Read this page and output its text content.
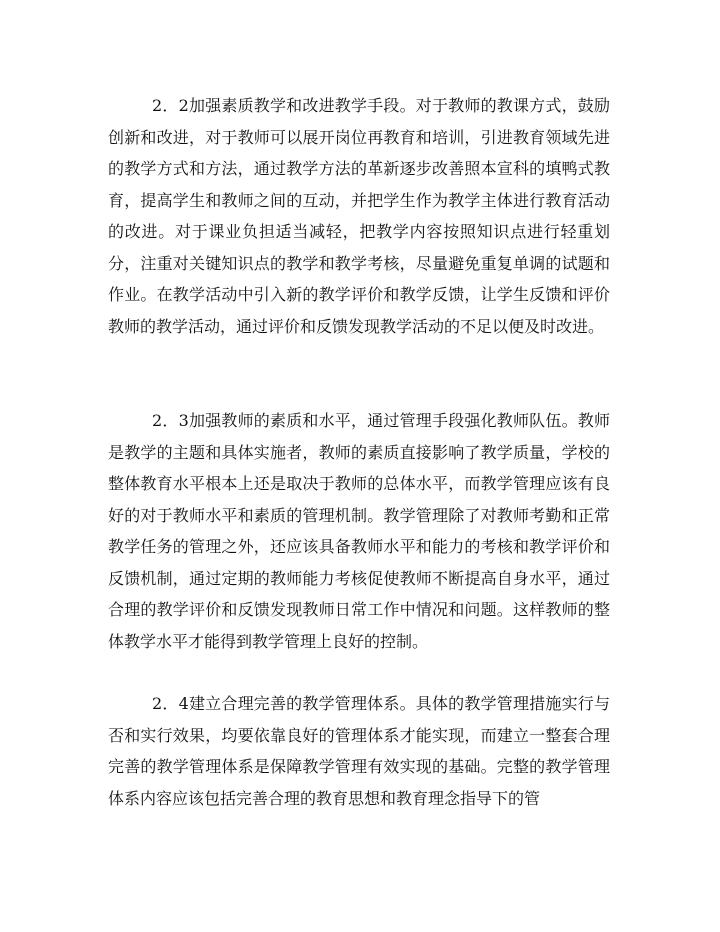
2．2加强素质教学和改进教学手段。对于教师的教课方式，鼓励创新和改进，对于教师可以展开岗位再教育和培训，引进教育领域先进的教学方式和方法，通过教学方法的革新逐步改善照本宣科的填鸭式教育，提高学生和教师之间的互动，并把学生作为教学主体进行教育活动的改进。对于课业负担适当减轻，把教学内容按照知识点进行轻重划分，注重对关键知识点的教学和教学考核，尽量避免重复单调的试题和作业。在教学活动中引入新的教学评价和教学反馈，让学生反馈和评价教师的教学活动，通过评价和反馈发现教学活动的不足以便及时改进。

2．3加强教师的素质和水平，通过管理手段强化教师队伍。教师是教学的主题和具体实施者，教师的素质直接影响了教学质量，学校的整体教育水平根本上还是取决于教师的总体水平，而教学管理应该有良好的对于教师水平和素质的管理机制。教学管理除了对教师考勤和正常教学任务的管理之外，还应该具备教师水平和能力的考核和教学评价和反馈机制，通过定期的教师能力考核促使教师不断提高自身水平，通过合理的教学评价和反馈发现教师日常工作中情况和问题。这样教师的整体教学水平才能得到教学管理上良好的控制。

2．4建立合理完善的教学管理体系。具体的教学管理措施实行与否和实行效果，均要依靠良好的管理体系才能实现，而建立一整套合理完善的教学管理体系是保障教学管理有效实现的基础。完整的教学管理体系内容应该包括完善合理的教育思想和教育理念指导下的管
